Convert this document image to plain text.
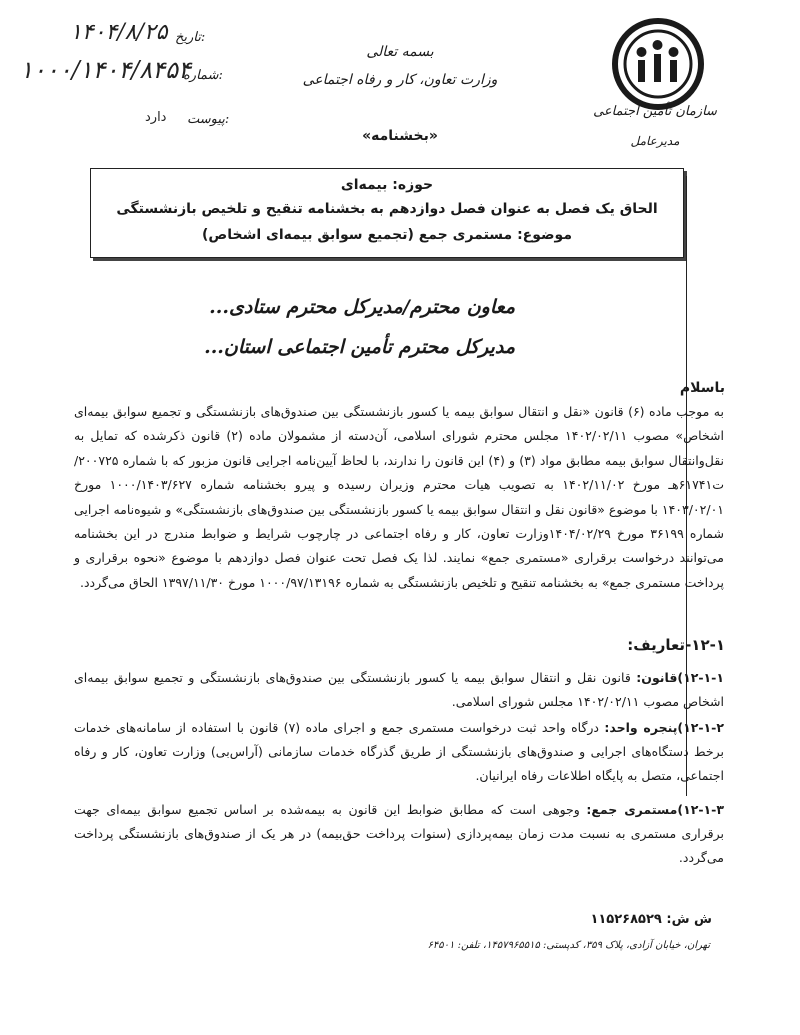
سازمان تأمین اجتماعی
مدیرعامل
بسمه تعالی
وزارت تعاون، کار و رفاه اجتماعی
«بخشنامه»
تاریخ:
۱۴۰۴/۸/۲۵
شماره:
۱۰۰۰/۱۴۰۴/۸۴۵۴
پیوست:
دارد
حوزه: بیمه‌ای
الحاق یک فصل به عنوان فصل دوازدهم به بخشنامه تنقیح و تلخیص بازنشستگی
موضوع: مستمری جمع (تجمیع سوابق بیمه‌ای اشخاص)
معاون محترم/مدیرکل محترم ستادی...
مدیرکل محترم تأمین اجتماعی استان...
باسلام

به موجب ماده (۶) قانون «نقل و انتقال سوابق بیمه یا کسور بازنشستگی بین صندوق‌های بازنشستگی و تجمیع سوابق بیمه‌ای اشخاص» مصوب ۱۴۰۲/۰۲/۱۱ مجلس محترم شورای اسلامی، آن‌دسته از مشمولان ماده (۲) قانون ذکرشده که تمایل به نقل‌وانتقال سوابق بیمه مطابق مواد (۳) و (۴) این قانون را ندارند، با لحاظ آیین‌نامه اجرایی قانون مزبور که با شماره ۲۰۰۷۲۵/ت۶۱۷۴۱هـ مورخ ۱۴۰۲/۱۱/۰۲ به تصویب هیات محترم وزیران رسیده و پیرو بخشنامه شماره ۱۰۰۰/۱۴۰۳/۶۲۷ مورخ ۱۴۰۳/۰۲/۰۱ با موضوع «قانون نقل و انتقال سوابق بیمه یا کسور بازنشستگی بین صندوق‌های بازنشستگی» و شیوه‌نامه اجرایی شماره ۳۶۱۹۹ مورخ ۱۴۰۴/۰۲/۲۹وزارت تعاون، کار و رفاه اجتماعی در چارچوب شرایط و ضوابط مندرج در این بخشنامه می‌توانند درخواست برقراری «مستمری جمع» نمایند. لذا یک فصل تحت عنوان فصل دوازدهم با موضوع «نحوه برقراری و پرداخت مستمری جمع» به بخشنامه تنقیح و تلخیص بازنشستگی به شماره ۱۰۰۰/۹۷/۱۳۱۹۶ مورخ ۱۳۹۷/۱۱/۳۰ الحاق می‌گردد.

۱۲-۱-تعاریف:
۱۲-۱-۱)قانون: قانون نقل و انتقال سوابق بیمه یا کسور بازنشستگی بین صندوق‌های بازنشستگی و تجمیع سوابق بیمه‌ای اشخاص مصوب ۱۴۰۲/۰۲/۱۱ مجلس شورای اسلامی.
۱۲-۱-۲)پنجره واحد: درگاه واحد ثبت درخواست مستمری جمع و اجرای ماده (۷) قانون با استفاده از سامانه‌های خدمات برخط دستگاه‌های اجرایی و صندوق‌های بازنشستگی از طریق گذرگاه خدمات سازمانی (آرا‌س‌بی) وزارت تعاون، کار و رفاه اجتماعی، متصل به پایگاه اطلاعات رفاه ایرانیان.
۱۲-۱-۳)مستمری جمع: وجوهی است که مطابق ضوابط این قانون به بیمه‌شده بر اساس تجمیع سوابق بیمه‌ای جهت برقراری مستمری به نسبت مدت زمان بیمه‌پردازی (سنوات پرداخت حق‌بیمه) در هر یک از صندوق‌های بازنشستگی پرداخت می‌گردد.
ش ش: ۱۱۵۲۶۸۵۲۹
تهران، خیابان آزادی، پلاک ۳۵۹، کدپستی: ۱۴۵۷۹۶۵۵۱۵، تلفن: ۶۴۵۰۱
